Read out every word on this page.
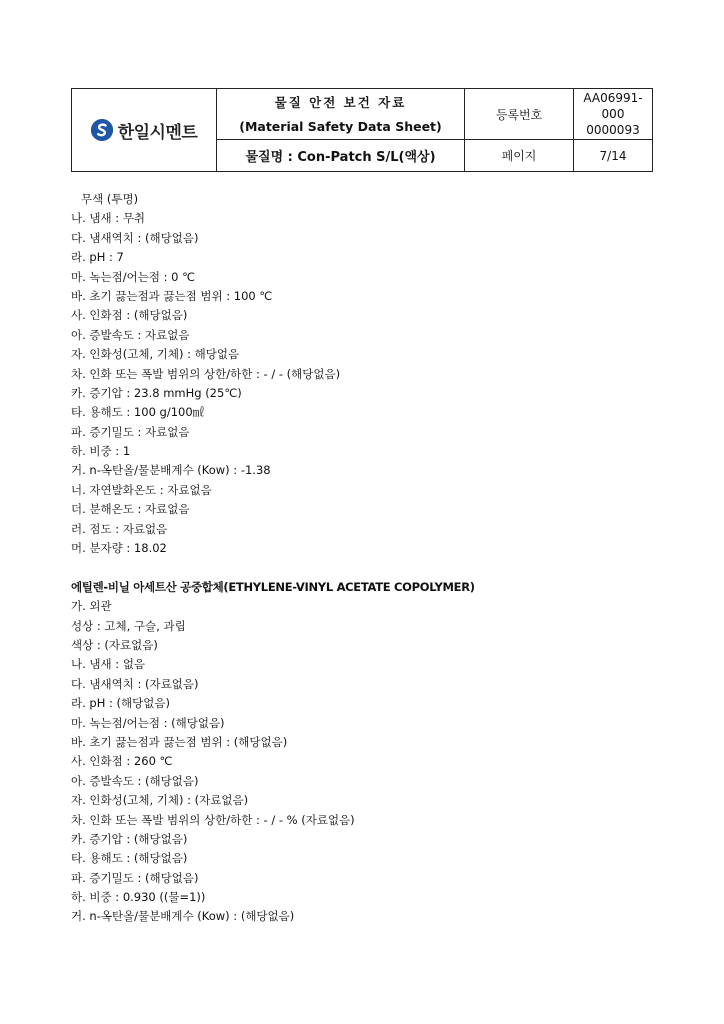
한일시멘트
물질 안전 보건 자료
(Material Safety Data Sheet)
등록번호
AA06991-000
0000093
물질명 : Con-Patch S/L(액상)	페이지	7/14
무색 (투명)
나. 냄새 : 무취
다. 냄새역치 : (해당없음)
라. pH : 7
마. 녹는점/어는점 : 0 ℃
바. 초기 끓는점과 끓는점 범위 : 100 ℃
사. 인화점 : (해당없음)
아. 증발속도 : 자료없음
자. 인화성(고체, 기체) : 해당없음
차. 인화 또는 폭발 범위의 상한/하한 : - / - (해당없음)
카. 증기압 : 23.8 mmHg (25℃)
타. 용해도 : 100 g/100㎖
파. 증기밀도 : 자료없음
하. 비중 : 1
거. n-옥탄올/물분배계수 (Kow) : -1.38
너. 자연발화온도 : 자료없음
더. 분해온도 : 자료없음
러. 점도 : 자료없음
머. 분자량 : 18.02
에틸렌-비닐 아세트산 공중합체(ETHYLENE-VINYL ACETATE COPOLYMER)
가. 외관
성상 : 고체, 구슬, 과립
색상 : (자료없음)
나. 냄새 : 없음
다. 냄새역치 : (자료없음)
라. pH : (해당없음)
마. 녹는점/어는점 : (해당없음)
바. 초기 끓는점과 끓는점 범위 : (해당없음)
사. 인화점 : 260 ℃
아. 증발속도 : (해당없음)
자. 인화성(고체, 기체) : (자료없음)
차. 인화 또는 폭발 범위의 상한/하한 : - / - % (자료없음)
카. 증기압 : (해당없음)
타. 용해도 : (해당없음)
파. 증기밀도 : (해당없음)
하. 비중 : 0.930 ((물=1))
거. n-옥탄올/물분배계수 (Kow) : (해당없음)
